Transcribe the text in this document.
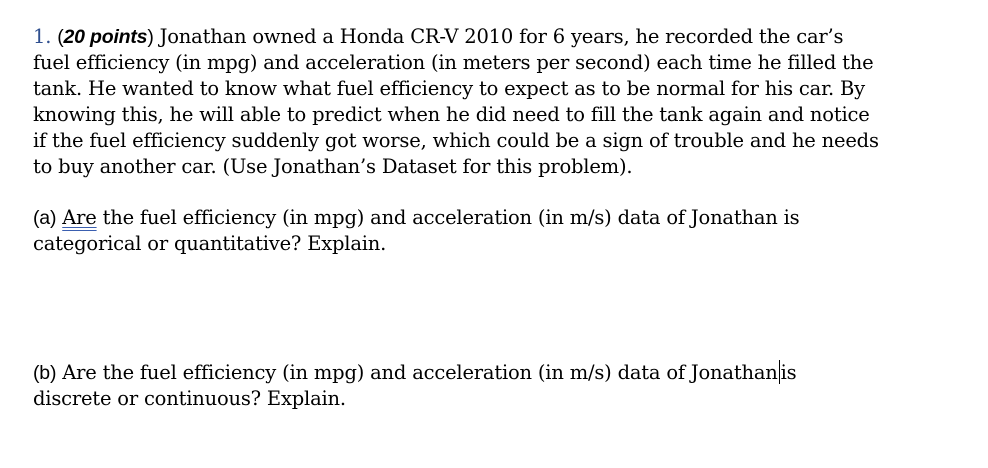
1. (20 points) Jonathan owned a Honda CR-V 2010 for 6 years, he recorded the car’s
fuel efficiency (in mpg) and acceleration (in meters per second) each time he filled the
tank. He wanted to know what fuel efficiency to expect as to be normal for his car. By
knowing this, he will able to predict when he did need to fill the tank again and notice
if the fuel efficiency suddenly got worse, which could be a sign of trouble and he needs
to buy another car. (Use Jonathan’s Dataset for this problem).
(a) Are the fuel efficiency (in mpg) and acceleration (in m/s) data of Jonathan is
categorical or quantitative? Explain.
(b) Are the fuel efficiency (in mpg) and acceleration (in m/s) data of Jonathan is
discrete or continuous? Explain.
